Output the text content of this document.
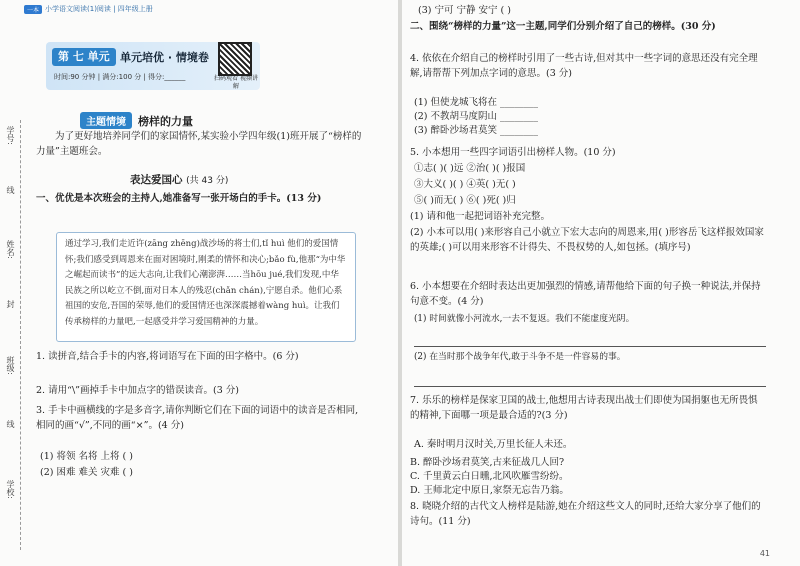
一本 小学语文阅读(1)阅读 | 四年级上册
学号:
线
姓名:
封
班级:
线
学校:
第 七 单元 单元培优 · 情境卷
时间:90 分钟 | 满分:100 分 | 得分:______	扫码观看 视频讲解
主题情境	榜样的力量
为了更好地培养同学们的家国情怀,某实验小学四年级(1)班开展了“榜样的力量”主题班会。
表达爱国心 (共 43 分)
一、优优是本次班会的主持人,她准备写一张开场白的手卡。(13 分)
通过学习,我们走近许(zāng zhēng)战沙场的将士们,tǐ huì 他们的爱国情怀;我们感受到周恩来在面对困境时,刚柔的情怀和决心;bǎo fù,他那“为中华之崛起而读书”的远大志向,让我们心潮澎湃……当hōu jué,我们发现,中华民族之所以屹立不倒,面对日本人的残忍(chǎn chán),宁愿自杀。他们心系祖国的安危,吾国的荣辱,他们的爱国情还也深深震撼着wàng huì。让我们传承榜样的力量吧,一起感受并学习爱国精神的力量。
1. 读拼音,结合手卡的内容,将词语写在下面的田字格中。(6 分)
2. 请用“\”画掉手卡中加点字的错误读音。(3 分)
3. 手卡中画横线的字是多音字,请你判断它们在下面的词语中的读音是否相同,相同的画“√”,不同的画“×”。(4 分)
(1) 将领 名将 上将 ( )
(2) 困难 难关 灾难 ( )
(3) 宁可 宁静 安宁 ( )
二、围绕“榜样的力量”这一主题,同学们分别介绍了自己的榜样。(30 分)
4. 依依在介绍自己的榜样时引用了一些古诗,但对其中一些字词的意思还没有完全理解,请帮帮下列加点字词的意思。(3 分)
(1) 但使龙城飞将在 ________
(2) 不教胡马度阴山 ________
(3) 醉卧沙场君莫笑 ________
5. 小本想用一些四字词语引出榜样人物。(10 分)
①志( )( )远 ②治( )( )报国
③大义( )( ) ④英( )无( )
⑤( )而无( ) ⑥( )死( )归
(1) 请和他一起把词语补充完整。
(2) 小本可以用( )来形容自己小就立下宏大志向的周恩来,用( )形容岳飞这样报效国家的英雄;( )可以用来形容不计得失、不畏权势的人,如包拯。(填序号)
6. 小本想要在介绍时表达出更加强烈的情感,请帮他给下面的句子换一种说法,并保持句意不变。(4 分)
(1) 时间就像小河流水,一去不复返。我们不能虚度光阴。
(2) 在当时那个战争年代,敢于斗争不是一件容易的事。
7. 乐乐的榜样是保家卫国的战士,他想用古诗表现出战士们即使为国捐躯也无所畏惧的精神,下面哪一项是最合适的?(3 分)
A. 秦时明月汉时关,万里长征人未还。
B. 醉卧沙场君莫笑,古来征战几人回?
C. 千里黄云白日曛,北风吹雁雪纷纷。
D. 王师北定中原日,家祭无忘告乃翁。
8. 晓晓介绍的古代文人榜样是陆游,她在介绍这些文人的同时,还给大家分享了他们的诗句。(11 分)
41
